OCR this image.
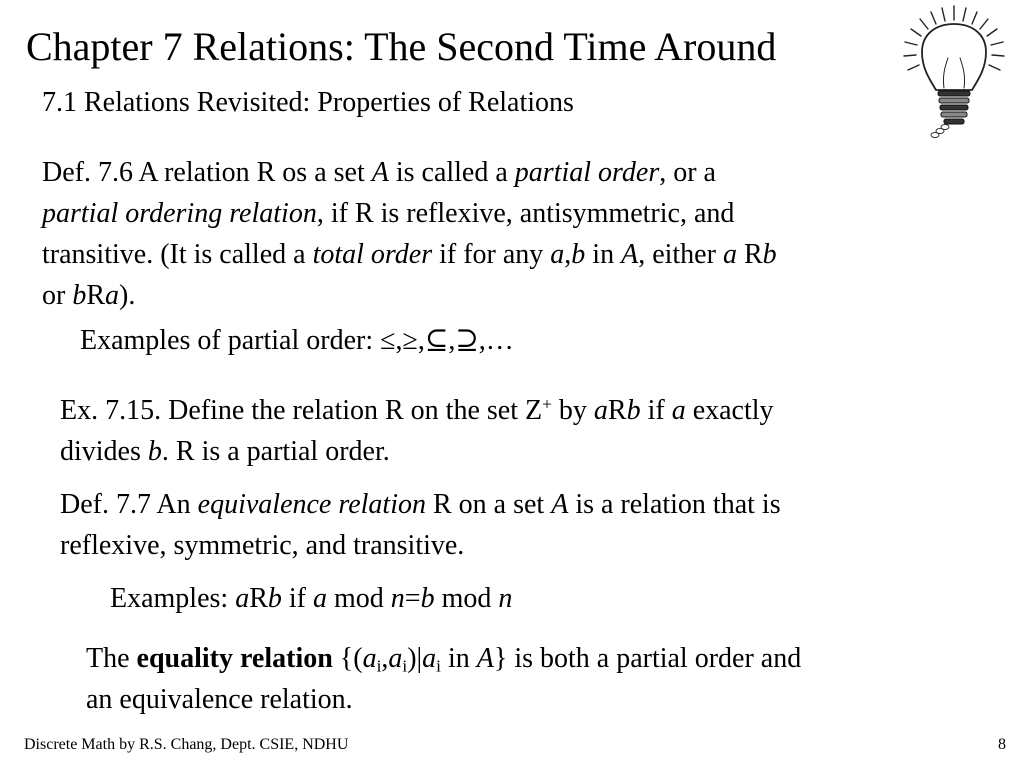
Chapter 7 Relations: The Second Time Around
7.1 Relations Revisited: Properties of Relations
Def. 7.6 A relation R os a set A is called a partial order, or a
partial ordering relation, if R is reflexive, antisymmetric, and
transitive. (It is called a total order if for any a,b in A, either a Rb
or bRa).
Examples of partial order: ≤,≥,⊆,⊇,…
Ex. 7.15. Define the relation R on the set Z+ by aRb if a exactly
divides b. R is a partial order.
Def. 7.7 An equivalence relation R on a set A is a relation that is
reflexive, symmetric, and transitive.
Examples: aRb if a mod n=b mod n
The equality relation {$(a_i,a_i)|a_i$ in A} is both a partial order and
an equivalence relation.
Discrete Math by R.S. Chang, Dept. CSIE, NDHU	8
